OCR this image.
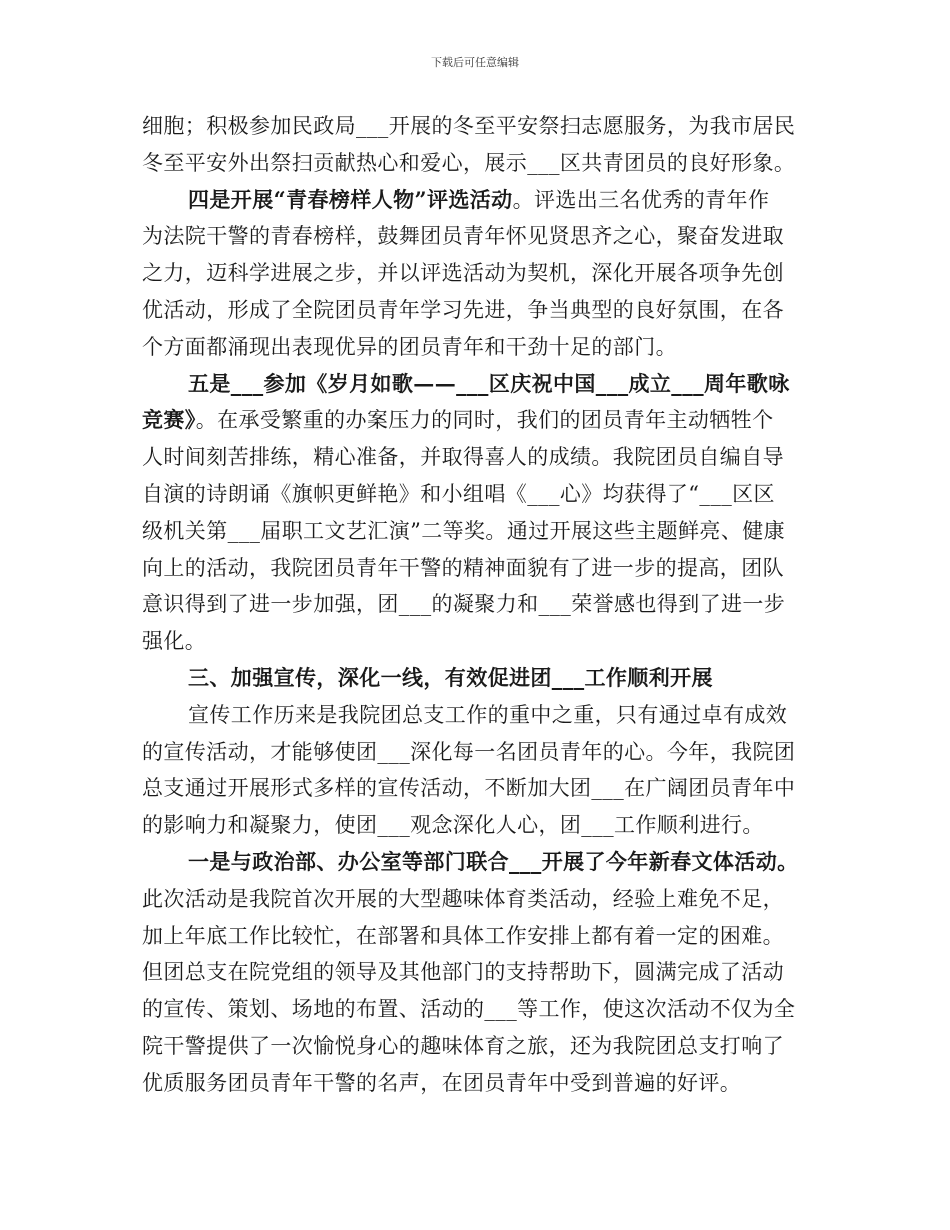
下载后可任意编辑
细胞；积极参加民政局___开展的冬至平安祭扫志愿服务，为我市居民
冬至平安外出祭扫贡献热心和爱心，展示___区共青团员的良好形象。
四是开展“青春榜样人物”评选活动。评选出三名优秀的青年作
为法院干警的青春榜样，鼓舞团员青年怀见贤思齐之心，聚奋发进取
之力，迈科学进展之步，并以评选活动为契机，深化开展各项争先创
优活动，形成了全院团员青年学习先进，争当典型的良好氛围，在各
个方面都涌现出表现优异的团员青年和干劲十足的部门。
五是___参加《岁月如歌——___区庆祝中国___成立___周年歌咏
竞赛》。在承受繁重的办案压力的同时，我们的团员青年主动牺牲个
人时间刻苦排练，精心准备，并取得喜人的成绩。我院团员自编自导
自演的诗朗诵《旗帜更鲜艳》和小组唱《___心》均获得了“___区区
级机关第___届职工文艺汇演”二等奖。通过开展这些主题鲜亮、健康
向上的活动，我院团员青年干警的精神面貌有了进一步的提高，团队
意识得到了进一步加强，团___的凝聚力和___荣誉感也得到了进一步
强化。
三、加强宣传，深化一线，有效促进团___工作顺利开展
宣传工作历来是我院团总支工作的重中之重，只有通过卓有成效
的宣传活动，才能够使团___深化每一名团员青年的心。今年，我院团
总支通过开展形式多样的宣传活动，不断加大团___在广阔团员青年中
的影响力和凝聚力，使团___观念深化人心，团___工作顺利进行。
一是与政治部、办公室等部门联合___开展了今年新春文体活动。
此次活动是我院首次开展的大型趣味体育类活动，经验上难免不足，
加上年底工作比较忙，在部署和具体工作安排上都有着一定的困难。
但团总支在院党组的领导及其他部门的支持帮助下，圆满完成了活动
的宣传、策划、场地的布置、活动的___等工作，使这次活动不仅为全
院干警提供了一次愉悦身心的趣味体育之旅，还为我院团总支打响了
优质服务团员青年干警的名声，在团员青年中受到普遍的好评。
